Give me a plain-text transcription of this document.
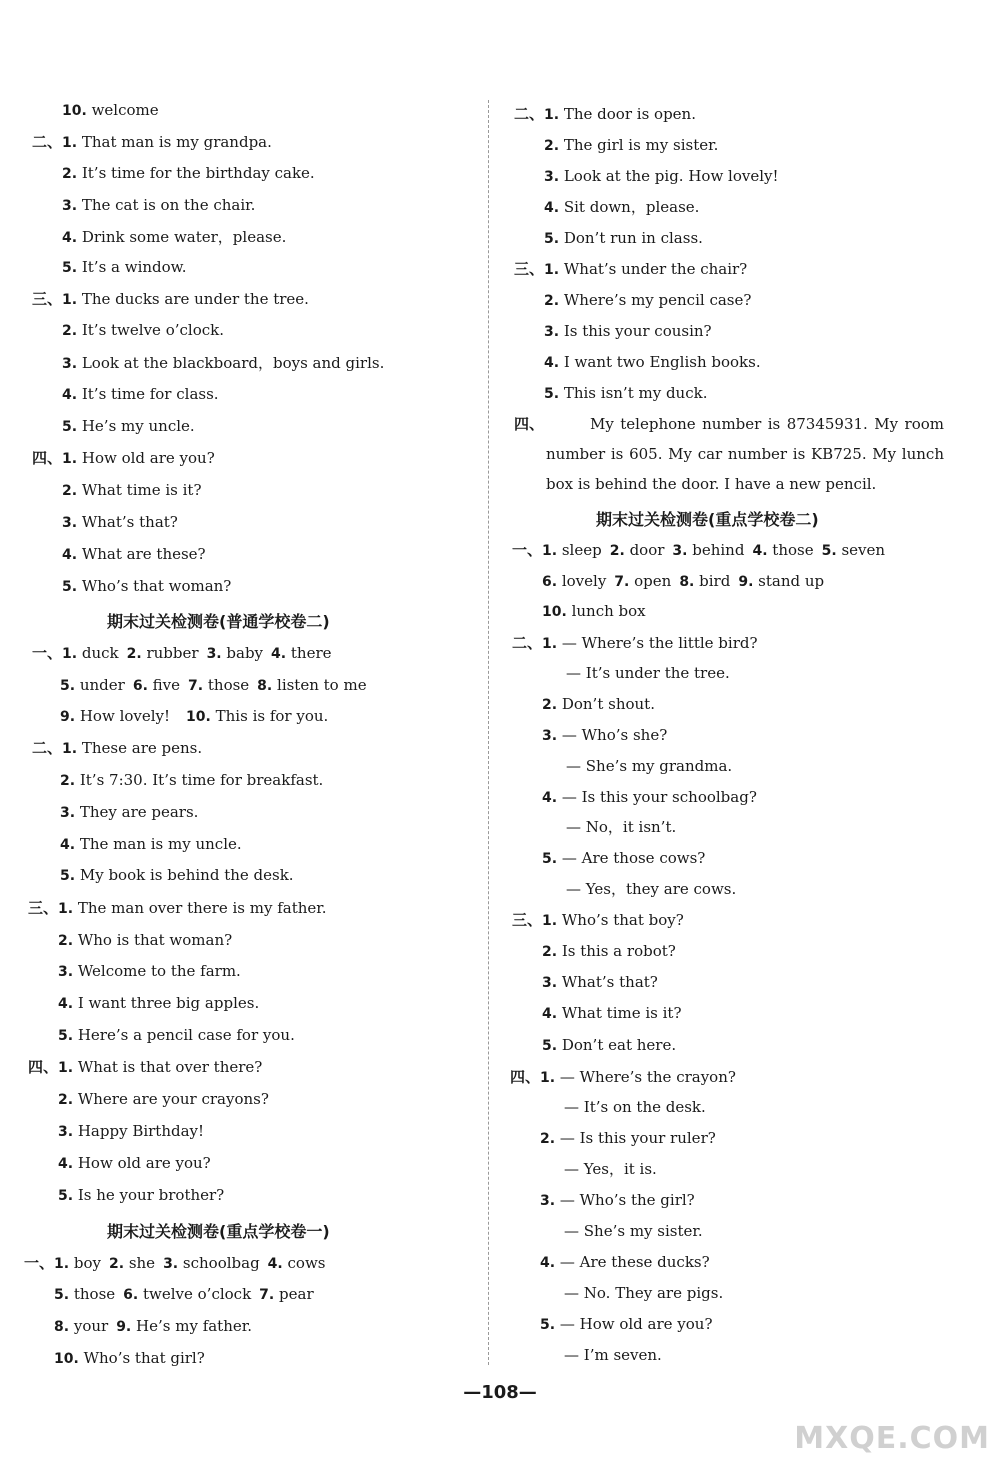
10. welcome
二、1. That man is my grandpa.
2. It’s time for the birthday cake.
3. The cat is on the chair.
4. Drink some water，please.
5. It’s a window.
三、1. The ducks are under the tree.
2. It’s twelve o’clock.
3. Look at the blackboard，boys and girls.
4. It’s time for class.
5. He’s my uncle.
四、1. How old are you?
2. What time is it?
3. What’s that?
4. What are these?
5. Who’s that woman?
期末过关检测卷(普通学校卷二)
一、1. duck 2. rubber 3. baby 4. there
5. under 6. five 7. those 8. listen to me
9. How lovely! 10. This is for you.
二、1. These are pens.
2. It’s 7:30. It’s time for breakfast.
3. They are pears.
4. The man is my uncle.
5. My book is behind the desk.
三、1. The man over there is my father.
2. Who is that woman?
3. Welcome to the farm.
4. I want three big apples.
5. Here’s a pencil case for you.
四、1. What is that over there?
2. Where are your crayons?
3. Happy Birthday!
4. How old are you?
5. Is he your brother?
期末过关检测卷(重点学校卷一)
一、1. boy 2. she 3. schoolbag 4. cows
5. those 6. twelve o’clock 7. pear
8. your 9. He’s my father.
10. Who’s that girl?
二、1. The door is open.
2. The girl is my sister.
3. Look at the pig. How lovely!
4. Sit down，please.
5. Don’t run in class.
三、1. What’s under the chair?
2. Where’s my pencil case?
3. Is this your cousin?
4. I want two English books.
5. This isn’t my duck.
四、	My telephone number is 87345931. My room number is 605. My car number is KB725. My lunch box is behind the door. I have a new pencil.
期末过关检测卷(重点学校卷二)
一、1. sleep 2. door 3. behind 4. those 5. seven
6. lovely 7. open 8. bird 9. stand up
10. lunch box
二、1. — Where’s the little bird?
— It’s under the tree.
2. Don’t shout.
3. — Who’s she?
— She’s my grandma.
4. — Is this your schoolbag?
— No，it isn’t.
5. — Are those cows?
— Yes，they are cows.
三、1. Who’s that boy?
2. Is this a robot?
3. What’s that?
4. What time is it?
5. Don’t eat here.
四、1. — Where’s the crayon?
— It’s on the desk.
2. — Is this your ruler?
— Yes，it is.
3. — Who’s the girl?
— She’s my sister.
4. — Are these ducks?
— No. They are pigs.
5. — How old are you?
— I’m seven.
—108—
MXQE.COM
